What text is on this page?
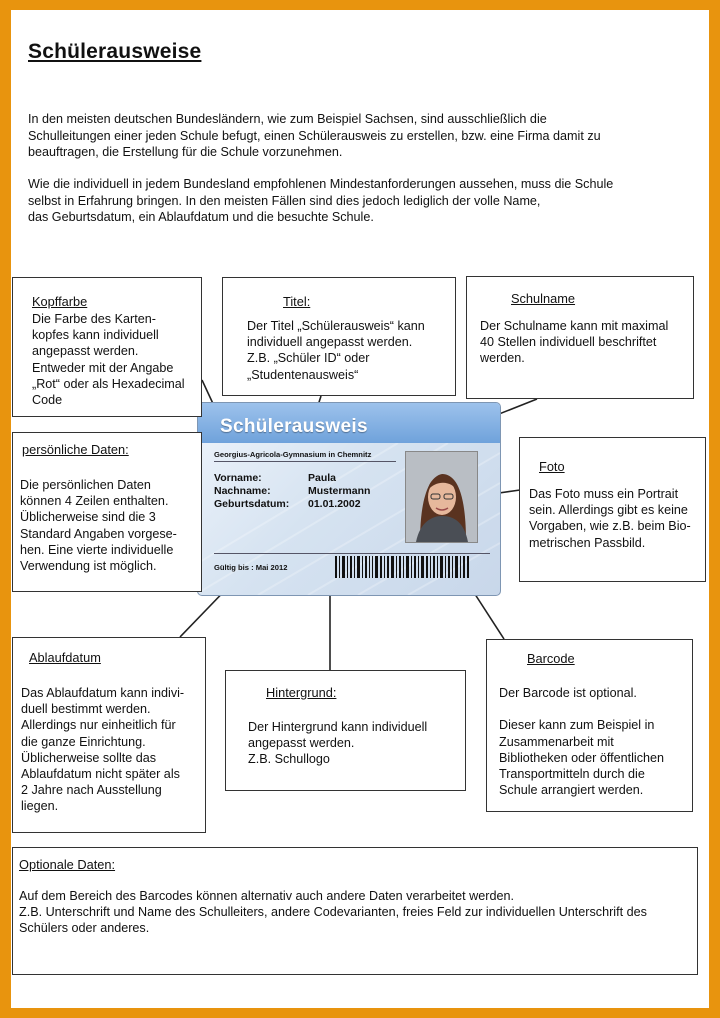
Schülerausweise
In den meisten deutschen Bundesländern, wie zum Beispiel Sachsen, sind ausschließlich die
Schulleitungen einer jeden Schule befugt, einen Schülerausweis zu erstellen, bzw. eine Firma damit zu
beauftragen, die Erstellung für die Schule vorzunehmen.
Wie die individuell in jedem Bundesland empfohlenen Mindestanforderungen aussehen, muss die Schule
selbst in Erfahrung bringen. In den meisten Fällen sind dies jedoch lediglich der volle Name,
das Geburtsdatum, ein Ablaufdatum und die besuchte Schule.
Schülerausweis
Georgius-Agricola-Gymnasium in Chemnitz
Vorname:	Paula
Nachname:	Mustermann
Geburtsdatum: 01.01.2002
Gültig bis : Mai 2012
Kopffarbe
Die Farbe des Karten-
kopfes kann individuell
angepasst werden.
Entweder mit der Angabe
„Rot“ oder als Hexadecimal
Code
Titel:
Der Titel „Schülerausweis“ kann
individuell angepasst werden.
Z.B. „Schüler ID“ oder
„Studentenausweis“
Schulname
Der Schulname kann mit maximal
40 Stellen individuell beschriftet
werden.
persönliche Daten:
Die persönlichen Daten
können 4 Zeilen enthalten.
Üblicherweise sind die 3
Standard Angaben vorgese-
hen. Eine vierte individuelle
Verwendung ist möglich.
Foto
Das Foto muss ein Portrait
sein. Allerdings gibt es keine
Vorgaben, wie z.B. beim Bio-
metrischen Passbild.
Ablaufdatum
Das Ablaufdatum kann indivi-
duell bestimmt werden.
Allerdings nur einheitlich für
die ganze Einrichtung.
Üblicherweise sollte das
Ablaufdatum nicht später als
2 Jahre nach Ausstellung
liegen.
Hintergrund:
Der Hintergrund kann individuell
angepasst werden.
Z.B. Schullogo
Barcode
Der Barcode ist optional.

Dieser kann zum Beispiel in
Zusammenarbeit mit
Bibliotheken oder öffentlichen
Transportmitteln durch die
Schule arrangiert werden.
Optionale Daten:
Auf dem Bereich des Barcodes können alternativ auch andere Daten verarbeitet werden.
Z.B. Unterschrift und Name des Schulleiters, andere Codevarianten, freies Feld zur individuellen Unterschrift des
Schülers oder anderes.
